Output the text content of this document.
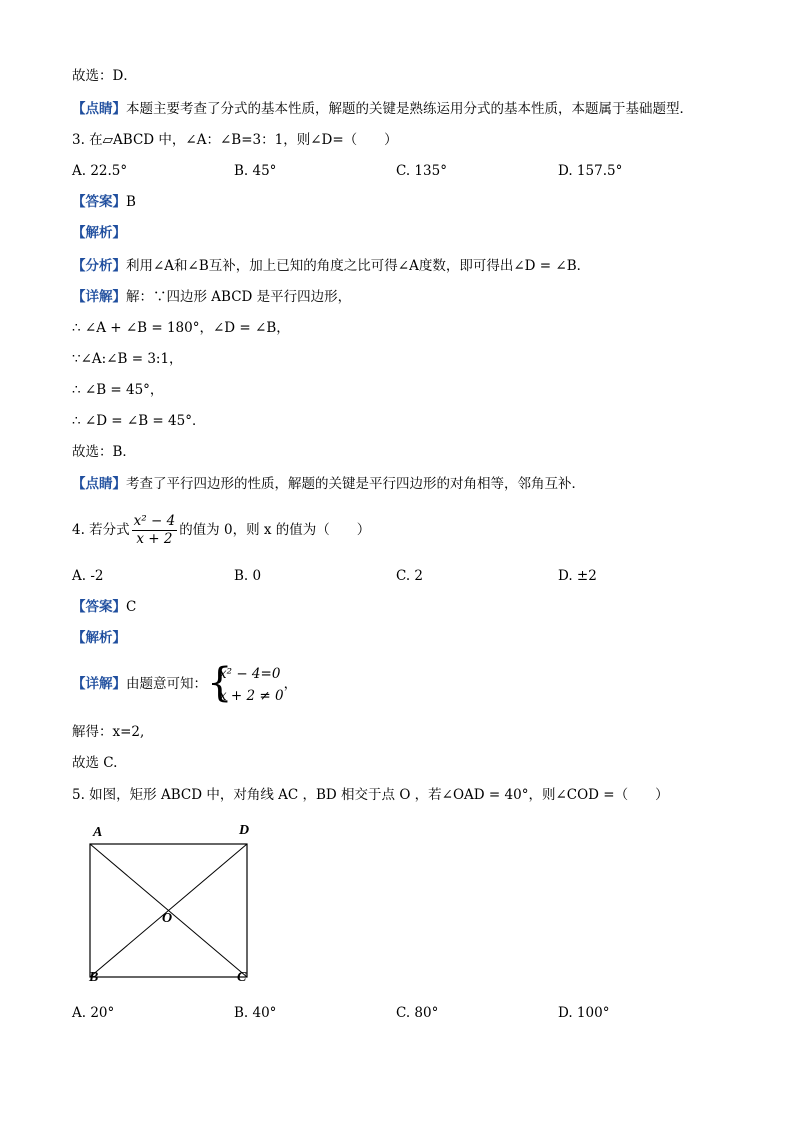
故选：D．
【点睛】本题主要考查了分式的基本性质，解题的关键是熟练运用分式的基本性质，本题属于基础题型．
3. 在▱ABCD 中，∠A：∠B=3：1，则∠D=（　　）
A. 22.5°	B. 45°	C. 135°	D. 157.5°
【答案】B
【解析】
【分析】利用∠A和∠B互补，加上已知的角度之比可得∠A度数，即可得出∠D = ∠B．
【详解】解：∵四边形 ABCD 是平行四边形，
∴ ∠A + ∠B = 180°，∠D = ∠B，
∵∠A:∠B = 3:1，
∴ ∠B = 45°，
∴ ∠D = ∠B = 45°．
故选：B．
【点睛】考查了平行四边形的性质，解题的关键是平行四边形的对角相等，邻角互补．
4. 若分式 $\frac{\text{x² − 4}}{x + 2}$ 的值为 0，则 x 的值为（　　）
A. -2	B. 0	C. 2	D. ±2
【答案】C
【解析】
【详解】由题意可知： {
x² − 4=0
x + 2 ≠ 0
，
解得：x=2,
故选 C.
5. 如图，矩形 ABCD 中，对角线 AC ，BD 相交于点 O ，若∠OAD = 40°，则∠COD =（　　）
A	D
O
B	C
A. 20°	B. 40°	C. 80°	D. 100°
